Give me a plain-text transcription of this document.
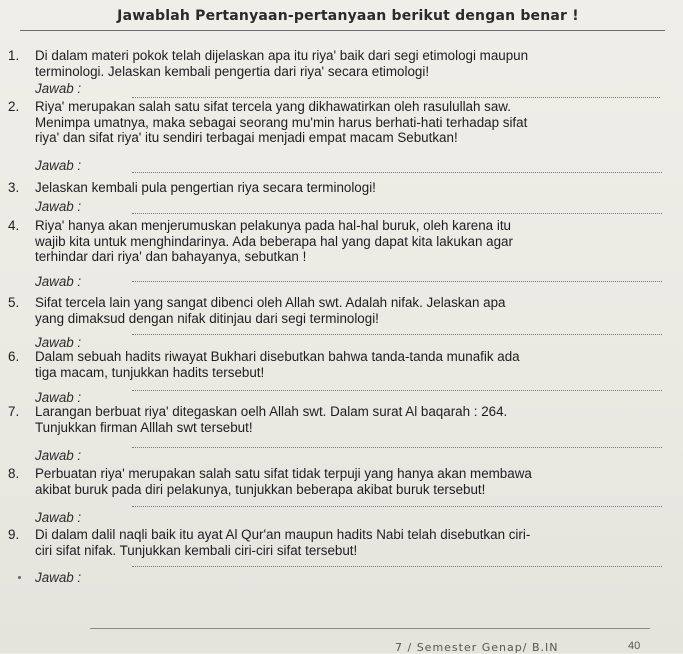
Jawablah Pertanyaan-pertanyaan berikut dengan benar !
1. Di dalam materi pokok telah dijelaskan apa itu riya' baik dari segi etimologi maupun
terminologi. Jelaskan kembali pengertia dari riya' secara etimologi!
Jawab :
2. Riya' merupakan salah satu sifat tercela yang dikhawatirkan oleh rasulullah saw.
Menimpa umatnya, maka sebagai seorang mu'min harus berhati-hati terhadap sifat
riya' dan sifat riya' itu sendiri terbagai menjadi empat macam Sebutkan!
Jawab :
3. Jelaskan kembali pula pengertian riya secara terminologi!
Jawab :
4. Riya' hanya akan menjerumuskan pelakunya pada hal-hal buruk, oleh karena itu
wajib kita untuk menghindarinya. Ada beberapa hal yang dapat kita lakukan agar
terhindar dari riya' dan bahayanya, sebutkan !
Jawab :
5. Sifat tercela lain yang sangat dibenci oleh Allah swt. Adalah nifak. Jelaskan apa
yang dimaksud dengan nifak ditinjau dari segi terminologi!
Jawab :
6. Dalam sebuah hadits riwayat Bukhari disebutkan bahwa tanda-tanda munafik ada
tiga macam, tunjukkan hadits tersebut!
Jawab :
7. Larangan berbuat riya' ditegaskan oelh Allah swt. Dalam surat Al baqarah : 264.
Tunjukkan firman Alllah swt tersebut!
Jawab :
8. Perbuatan riya' merupakan salah satu sifat tidak terpuji yang hanya akan membawa
akibat buruk pada diri pelakunya, tunjukkan beberapa akibat buruk tersebut!
Jawab :
9. Di dalam dalil naqli baik itu ayat Al Qur'an maupun hadits Nabi telah disebutkan ciri-
ciri sifat nifak. Tunjukkan kembali ciri-ciri sifat tersebut!
Jawab :
7 / Semester Genap/ B.IN	40
